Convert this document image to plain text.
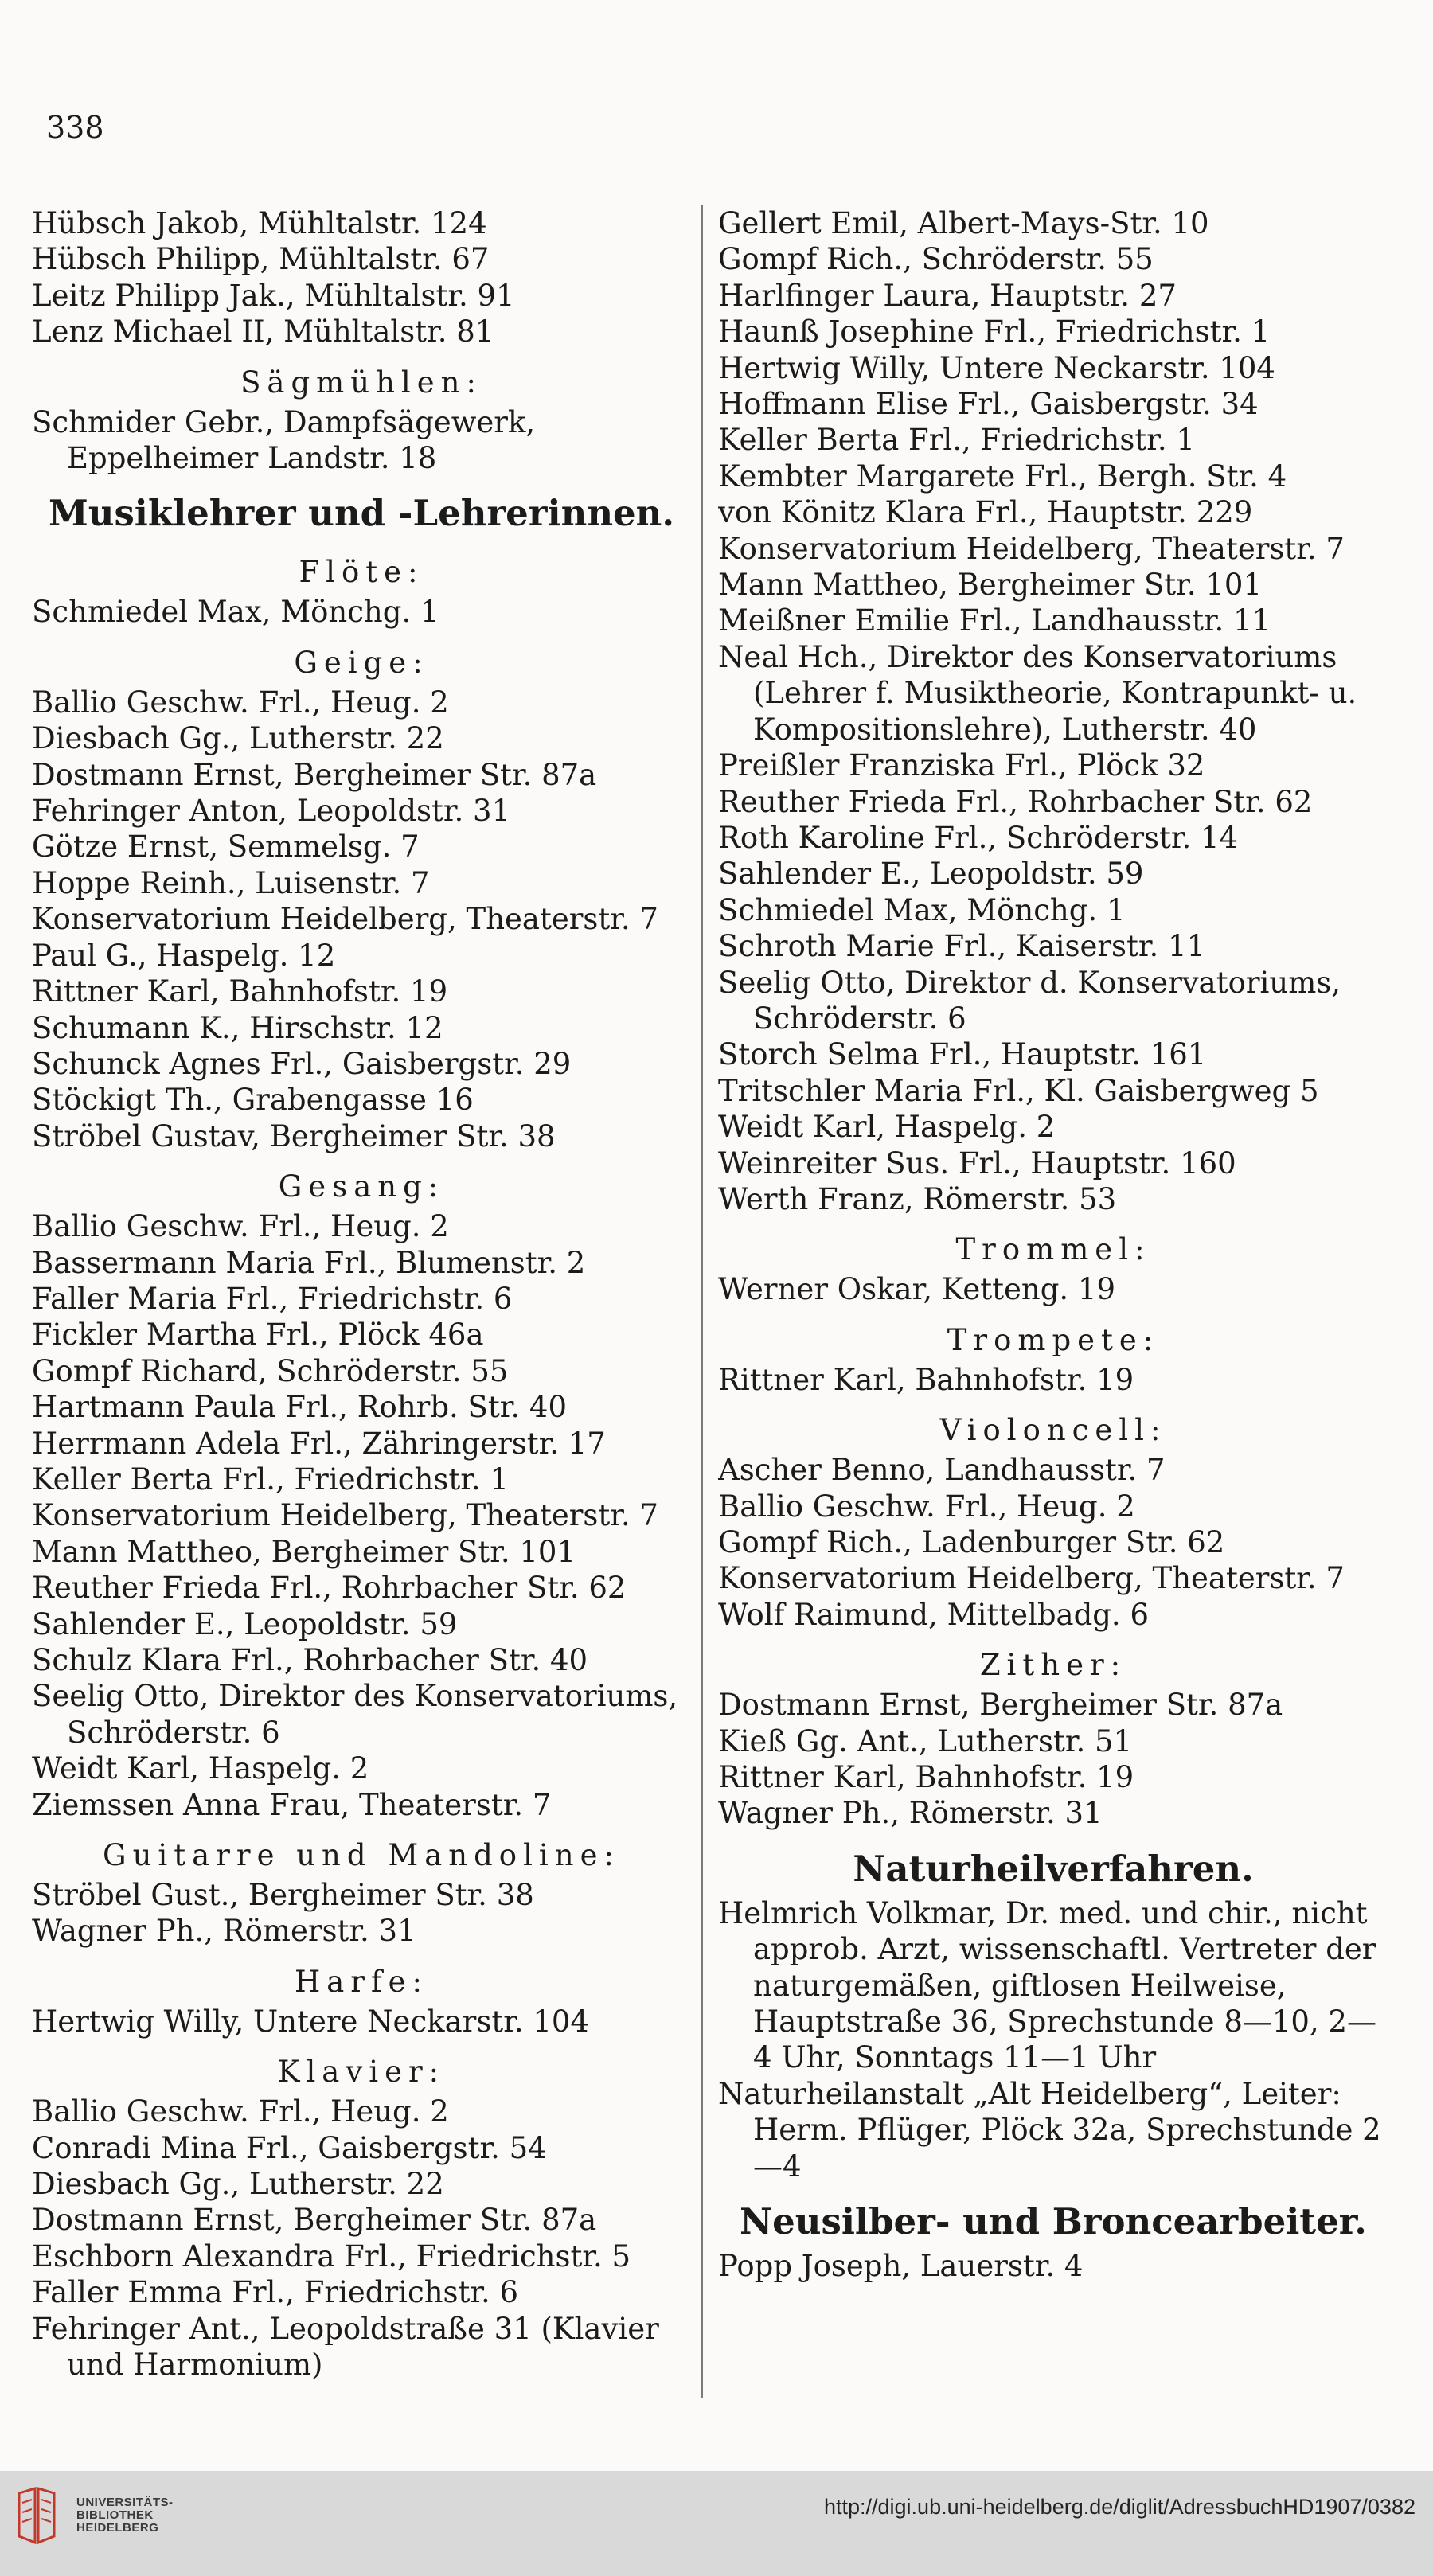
338
Hübsch Jakob, Mühltalstr. 124
Hübsch Philipp, Mühltalstr. 67
Leitz Philipp Jak., Mühltalstr. 91
Lenz Michael II, Mühltalstr. 81
Sägmühlen:
Schmider Gebr., Dampfsägewerk, Eppelheimer Landstr. 18
Musiklehrer und -Lehrerinnen.
Flöte:
Schmiedel Max, Mönchg. 1
Geige:
Ballio Geschw. Frl., Heug. 2
Diesbach Gg., Lutherstr. 22
Dostmann Ernst, Bergheimer Str. 87a
Fehringer Anton, Leopoldstr. 31
Götze Ernst, Semmelsg. 7
Hoppe Reinh., Luisenstr. 7
Konservatorium Heidelberg, Theaterstr. 7
Paul G., Haspelg. 12
Rittner Karl, Bahnhofstr. 19
Schumann K., Hirschstr. 12
Schunck Agnes Frl., Gaisbergstr. 29
Stöckigt Th., Grabengasse 16
Ströbel Gustav, Bergheimer Str. 38
Gesang:
Ballio Geschw. Frl., Heug. 2
Bassermann Maria Frl., Blumenstr. 2
Faller Maria Frl., Friedrichstr. 6
Fickler Martha Frl., Plöck 46a
Gompf Richard, Schröderstr. 55
Hartmann Paula Frl., Rohrb. Str. 40
Herrmann Adela Frl., Zähringerstr. 17
Keller Berta Frl., Friedrichstr. 1
Konservatorium Heidelberg, Theaterstr. 7
Mann Mattheo, Bergheimer Str. 101
Reuther Frieda Frl., Rohrbacher Str. 62
Sahlender E., Leopoldstr. 59
Schulz Klara Frl., Rohrbacher Str. 40
Seelig Otto, Direktor des Konservatoriums, Schröderstr. 6
Weidt Karl, Haspelg. 2
Ziemssen Anna Frau, Theaterstr. 7
Guitarre und Mandoline:
Ströbel Gust., Bergheimer Str. 38
Wagner Ph., Römerstr. 31
Harfe:
Hertwig Willy, Untere Neckarstr. 104
Klavier:
Ballio Geschw. Frl., Heug. 2
Conradi Mina Frl., Gaisbergstr. 54
Diesbach Gg., Lutherstr. 22
Dostmann Ernst, Bergheimer Str. 87a
Eschborn Alexandra Frl., Friedrichstr. 5
Faller Emma Frl., Friedrichstr. 6
Fehringer Ant., Leopoldstraße 31 (Klavier und Harmonium)
Gellert Emil, Albert-Mays-Str. 10
Gompf Rich., Schröderstr. 55
Harlfinger Laura, Hauptstr. 27
Haunß Josephine Frl., Friedrichstr. 1
Hertwig Willy, Untere Neckarstr. 104
Hoffmann Elise Frl., Gaisbergstr. 34
Keller Berta Frl., Friedrichstr. 1
Kembter Margarete Frl., Bergh. Str. 4
von Könitz Klara Frl., Hauptstr. 229
Konservatorium Heidelberg, Theaterstr. 7
Mann Mattheo, Bergheimer Str. 101
Meißner Emilie Frl., Landhausstr. 11
Neal Hch., Direktor des Konservatoriums (Lehrer f. Musiktheorie, Kontrapunkt- u. Kompositionslehre), Lutherstr. 40
Preißler Franziska Frl., Plöck 32
Reuther Frieda Frl., Rohrbacher Str. 62
Roth Karoline Frl., Schröderstr. 14
Sahlender E., Leopoldstr. 59
Schmiedel Max, Mönchg. 1
Schroth Marie Frl., Kaiserstr. 11
Seelig Otto, Direktor d. Konservatoriums, Schröderstr. 6
Storch Selma Frl., Hauptstr. 161
Tritschler Maria Frl., Kl. Gaisbergweg 5
Weidt Karl, Haspelg. 2
Weinreiter Sus. Frl., Hauptstr. 160
Werth Franz, Römerstr. 53
Trommel:
Werner Oskar, Ketteng. 19
Trompete:
Rittner Karl, Bahnhofstr. 19
Violoncell:
Ascher Benno, Landhausstr. 7
Ballio Geschw. Frl., Heug. 2
Gompf Rich., Ladenburger Str. 62
Konservatorium Heidelberg, Theaterstr. 7
Wolf Raimund, Mittelbadg. 6
Zither:
Dostmann Ernst, Bergheimer Str. 87a
Kieß Gg. Ant., Lutherstr. 51
Rittner Karl, Bahnhofstr. 19
Wagner Ph., Römerstr. 31
Naturheilverfahren.
Helmrich Volkmar, Dr. med. und chir., nicht approb. Arzt, wissenschaftl. Vertreter der naturgemäßen, giftlosen Heilweise, Hauptstraße 36, Sprechstunde 8—10, 2—4 Uhr, Sonntags 11—1 Uhr
Naturheilanstalt „Alt Heidelberg“, Leiter: Herm. Pflüger, Plöck 32a, Sprechstunde 2—4
Neusilber- und Broncearbeiter.
Popp Joseph, Lauerstr. 4
UNIVERSITÄTS-
BIBLIOTHEK
HEIDELBERG
http://digi.ub.uni-heidelberg.de/diglit/AdressbuchHD1907/0382
